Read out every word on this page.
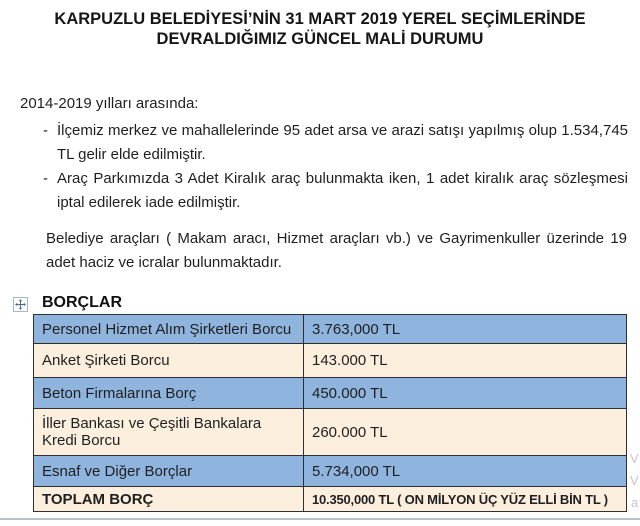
KARPUZLU BELEDİYESİ’NİN 31 MART 2019 YEREL SEÇİMLERİNDE
DEVRALDIĞIMIZ GÜNCEL MALİ DURUMU
2014-2019 yılları arasında:
- İlçemiz merkez ve mahallelerinde 95 adet arsa ve arazi satışı yapılmış olup 1.534,745 TL gelir elde edilmiştir.
- Araç Parkımızda 3 Adet Kiralık araç bulunmakta iken, 1 adet kiralık araç sözleşmesi iptal edilerek iade edilmiştir.
Belediye araçları ( Makam aracı, Hizmet araçları vb.) ve Gayrimenkuller üzerinde 19 adet haciz ve icralar bulunmaktadır.
BORÇLAR
Personel Hizmet Alım Şirketleri Borcu	3.763,000 TL
Anket Şirketi Borcu	143.000 TL
Beton Firmalarına Borç	450.000 TL
İller Bankası ve Çeşitli Bankalara Kredi Borcu	260.000 TL
Esnaf ve Diğer Borçlar	5.734,000 TL
TOPLAM BORÇ	10.350,000 TL ( ON MİLYON ÜÇ YÜZ ELLİ BİN TL )
V
V
a
